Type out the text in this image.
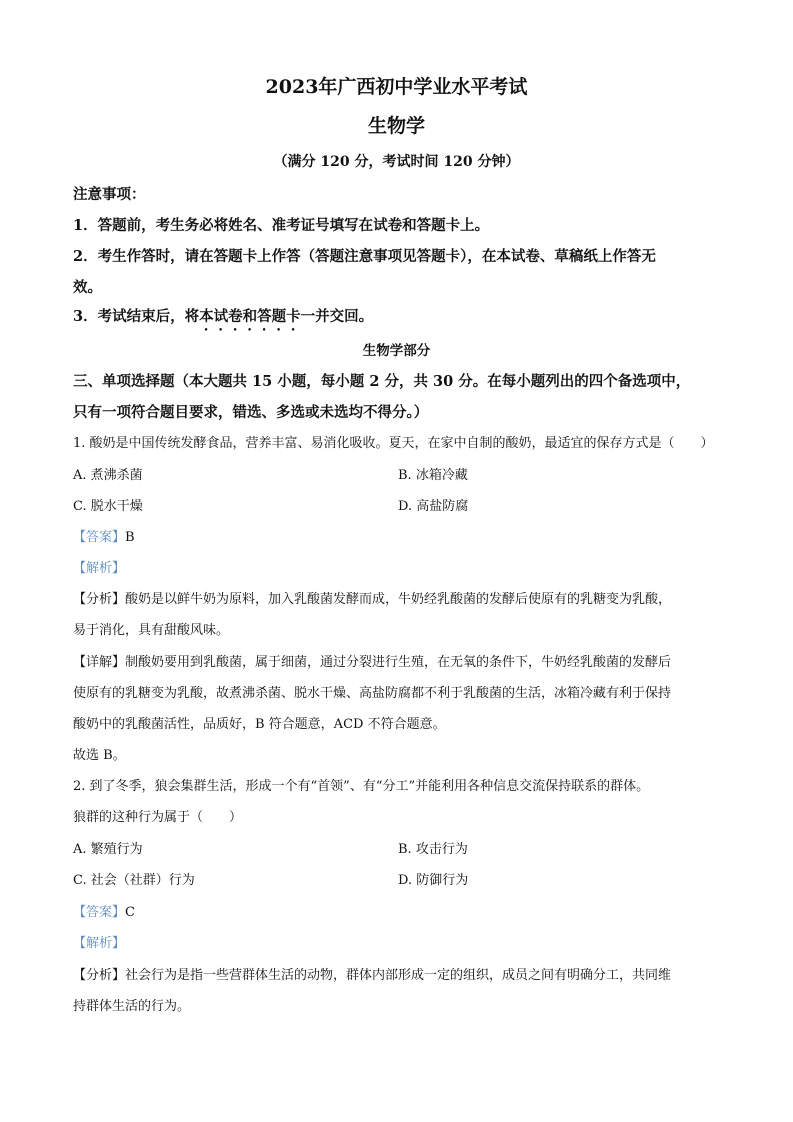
2023年广西初中学业水平考试
生物学
（满分 120 分，考试时间 120 分钟）
注意事项：
1．答题前，考生务必将姓名、准考证号填写在试卷和答题卡上。
2．考生作答时，请在答题卡上作答（答题注意事项见答题卡），在本试卷、草稿纸上作答无
效。
3．考试结束后，将本试卷和答题卡一并交回。
生物学部分
三、单项选择题（本大题共 15 小题，每小题 2 分，共 30 分。在每小题列出的四个备选项中，
只有一项符合题目要求，错选、多选或未选均不得分。）
1. 酸奶是中国传统发酵食品，营养丰富、易消化吸收。夏天，在家中自制的酸奶，最适宜的保存方式是（　　）
A. 煮沸杀菌	B. 冰箱冷藏
C. 脱水干燥	D. 高盐防腐
【答案】B
【解析】
【分析】酸奶是以鲜牛奶为原料，加入乳酸菌发酵而成，牛奶经乳酸菌的发酵后使原有的乳糖变为乳酸，
易于消化，具有甜酸风味。
【详解】制酸奶要用到乳酸菌，属于细菌，通过分裂进行生殖，在无氧的条件下，牛奶经乳酸菌的发酵后
使原有的乳糖变为乳酸，故煮沸杀菌、脱水干燥、高盐防腐都不利于乳酸菌的生活，冰箱冷藏有利于保持
酸奶中的乳酸菌活性，品质好，B 符合题意，ACD 不符合题意。
故选 B。
2. 到了冬季，狼会集群生活，形成一个有“首领”、有“分工”并能利用各种信息交流保持联系的群体。
狼群的这种行为属于（　　）
A. 繁殖行为	B. 攻击行为
C. 社会（社群）行为	D. 防御行为
【答案】C
【解析】
【分析】社会行为是指一些营群体生活的动物，群体内部形成一定的组织，成员之间有明确分工，共同维
持群体生活的行为。
